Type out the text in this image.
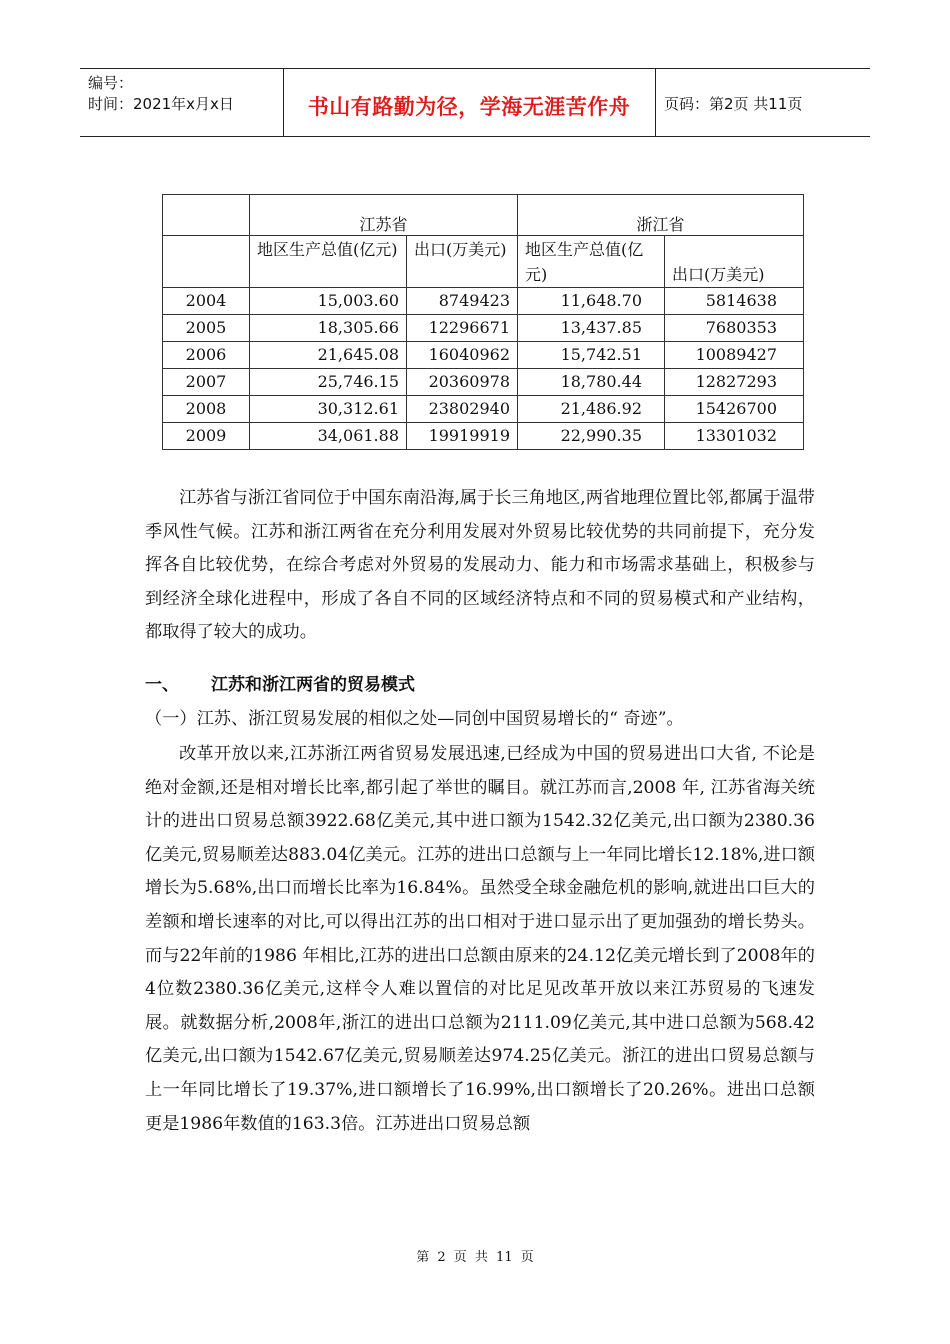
编号：
时间：2021年x月x日	书山有路勤为径，学海无涯苦作舟	页码：第2页 共11页
	江苏省		浙江省	
	地区生产总值(亿元)	出口(万美元)	地区生产总值(亿元)	出口(万美元)
2004	15,003.60	8749423	11,648.70	5814638
2005	18,305.66	12296671	13,437.85	7680353
2006	21,645.08	16040962	15,742.51	10089427
2007	25,746.15	20360978	18,780.44	12827293
2008	30,312.61	23802940	21,486.92	15426700
2009	34,061.88	19919919	22,990.35	13301032
江苏省与浙江省同位于中国东南沿海,属于长三角地区,两省地理位置比邻,都属于温带季风性气候。江苏和浙江两省在充分利用发展对外贸易比较优势的共同前提下，充分发挥各自比较优势，在综合考虑对外贸易的发展动力、能力和市场需求基础上，积极参与到经济全球化进程中，形成了各自不同的区域经济特点和不同的贸易模式和产业结构，都取得了较大的成功。
一、 江苏和浙江两省的贸易模式
（一）江苏、浙江贸易发展的相似之处—同创中国贸易增长的“ 奇迹”。
改革开放以来,江苏浙江两省贸易发展迅速,已经成为中国的贸易进出口大省, 不论是绝对金额,还是相对增长比率,都引起了举世的瞩目。就江苏而言,2008 年, 江苏省海关统计的进出口贸易总额3922.68亿美元,其中进口额为1542.32亿美元,出口额为2380.36亿美元,贸易顺差达883.04亿美元。江苏的进出口总额与上一年同比增长12.18%,进口额增长为5.68%,出口而增长比率为16.84%。虽然受全球金融危机的影响,就进出口巨大的差额和增长速率的对比,可以得出江苏的出口相对于进口显示出了更加强劲的增长势头。而与22年前的1986 年相比,江苏的进出口总额由原来的24.12亿美元增长到了2008年的4位数2380.36亿美元,这样令人难以置信的对比足见改革开放以来江苏贸易的飞速发展。就数据分析,2008年,浙江的进出口总额为2111.09亿美元,其中进口总额为568.42亿美元,出口额为1542.67亿美元,贸易顺差达974.25亿美元。浙江的进出口贸易总额与上一年同比增长了19.37%,进口额增长了16.99%,出口额增长了20.26%。进出口总额更是1986年数值的163.3倍。江苏进出口贸易总额
第 2 页 共 11 页
